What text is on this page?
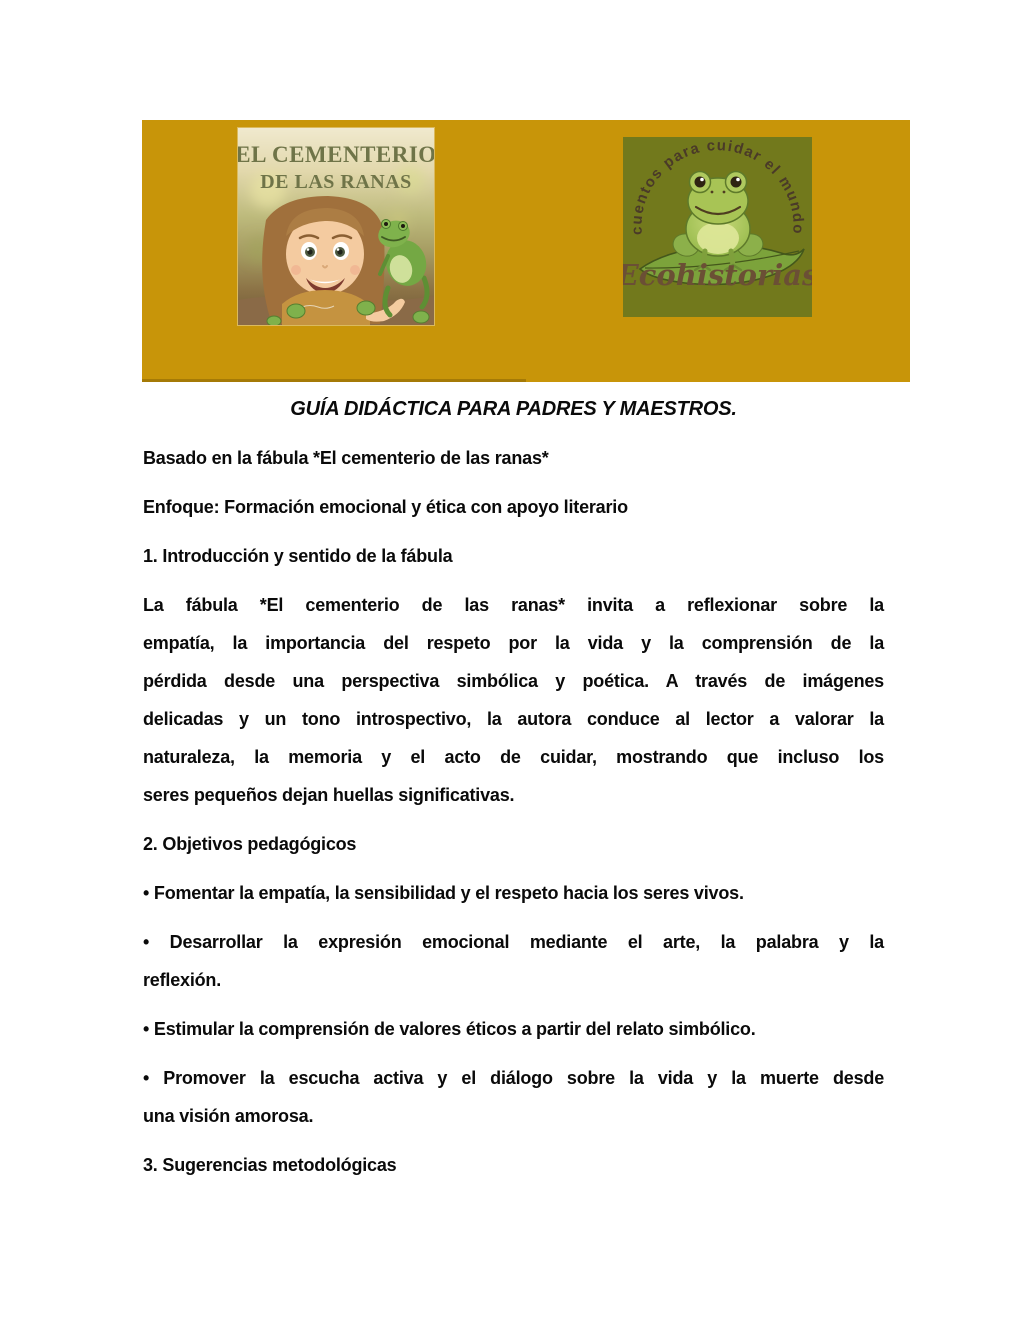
EL CEMENTERIO
DE LAS RANAS
cuentos para cuidar el mundo
Ecohistorias

GUÍA DIDÁCTICA PARA PADRES Y MAESTROS.

Basado en la fábula *El cementerio de las ranas*

Enfoque: Formación emocional y ética con apoyo literario

1. Introducción y sentido de la fábula

La fábula *El cementerio de las ranas* invita a reflexionar sobre la
empatía, la importancia del respeto por la vida y la comprensión de la
pérdida desde una perspectiva simbólica y poética. A través de imágenes
delicadas y un tono introspectivo, la autora conduce al lector a valorar la
naturaleza, la memoria y el acto de cuidar, mostrando que incluso los
seres pequeños dejan huellas significativas.

2. Objetivos pedagógicos

• Fomentar la empatía, la sensibilidad y el respeto hacia los seres vivos.

• Desarrollar la expresión emocional mediante el arte, la palabra y la
reflexión.

• Estimular la comprensión de valores éticos a partir del relato simbólico.

• Promover la escucha activa y el diálogo sobre la vida y la muerte desde
una visión amorosa.

3. Sugerencias metodológicas
